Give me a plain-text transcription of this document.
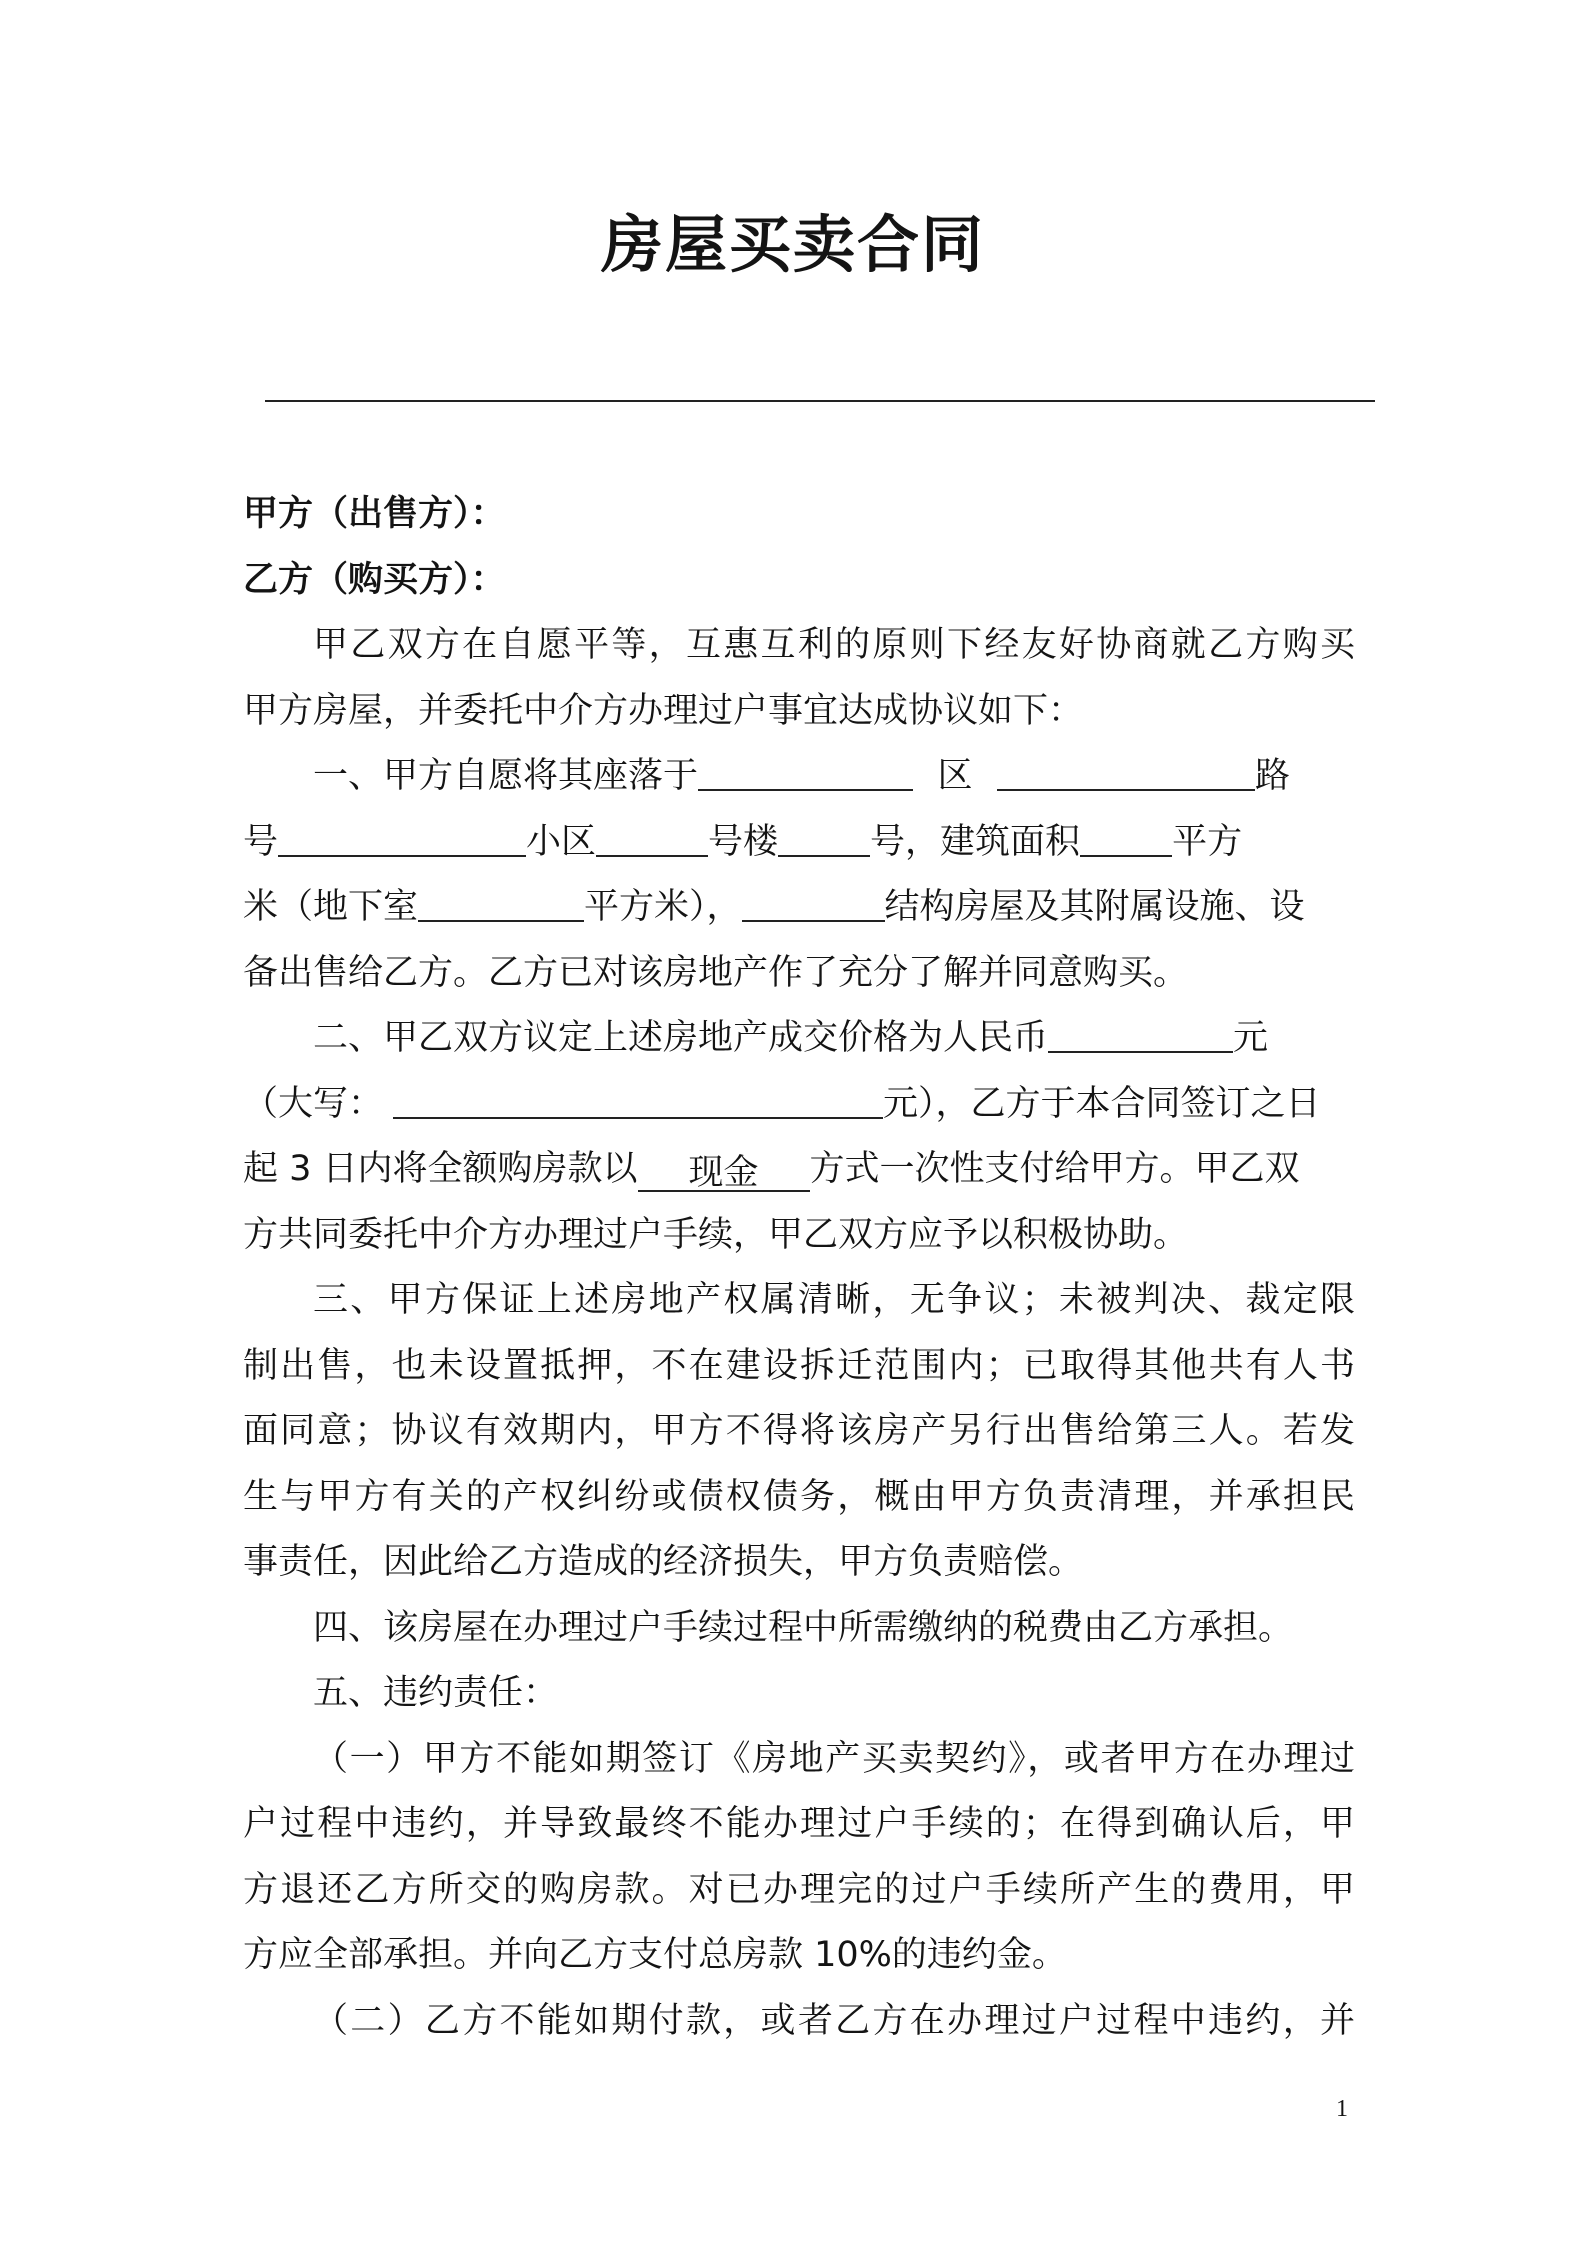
房屋买卖合同
甲方（出售方）：
乙方（购买方）：
甲乙双方在自愿平等，互惠互利的原则下经友好协商就乙方购买
甲方房屋，并委托中介方办理过户事宜达成协议如下：
一、甲方自愿将其座落于	区	路
号	小区	号楼	号，建筑面积	平方
米（地下室	平方米），	结构房屋及其附属设施、设
备出售给乙方。乙方已对该房地产作了充分了解并同意购买。
二、甲乙双方议定上述房地产成交价格为人民币	元
（大写：	元），乙方于本合同签订之日
起 3 日内将全额购房款以 现金 方式一次性支付给甲方。甲乙双
方共同委托中介方办理过户手续，甲乙双方应予以积极协助。
三、甲方保证上述房地产权属清晰，无争议；未被判决、裁定限
制出售，也未设置抵押，不在建设拆迁范围内；已取得其他共有人书
面同意；协议有效期内，甲方不得将该房产另行出售给第三人。若发
生与甲方有关的产权纠纷或债权债务，概由甲方负责清理，并承担民
事责任，因此给乙方造成的经济损失，甲方负责赔偿。
四、该房屋在办理过户手续过程中所需缴纳的税费由乙方承担。
五、违约责任：
（一）甲方不能如期签订《房地产买卖契约》，或者甲方在办理过
户过程中违约，并导致最终不能办理过户手续的；在得到确认后，甲
方退还乙方所交的购房款。对已办理完的过户手续所产生的费用，甲
方应全部承担。并向乙方支付总房款 10%的违约金。
（二）乙方不能如期付款，或者乙方在办理过户过程中违约，并
1
